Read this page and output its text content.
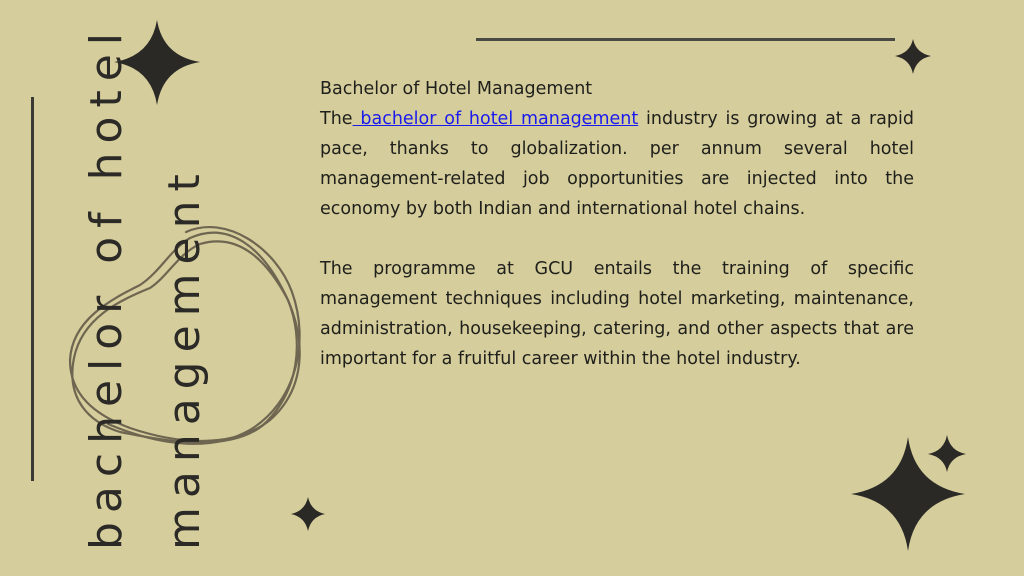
bachelor of hotel management

Bachelor of Hotel Management

The bachelor of hotel management industry is growing at a rapid pace, thanks to globalization. per annum several hotel management-related job opportunities are injected into the economy by both Indian and international hotel chains.

The programme at GCU entails the training of specific management techniques including hotel marketing, maintenance, administration, housekeeping, catering, and other aspects that are important for a fruitful career within the hotel industry.
